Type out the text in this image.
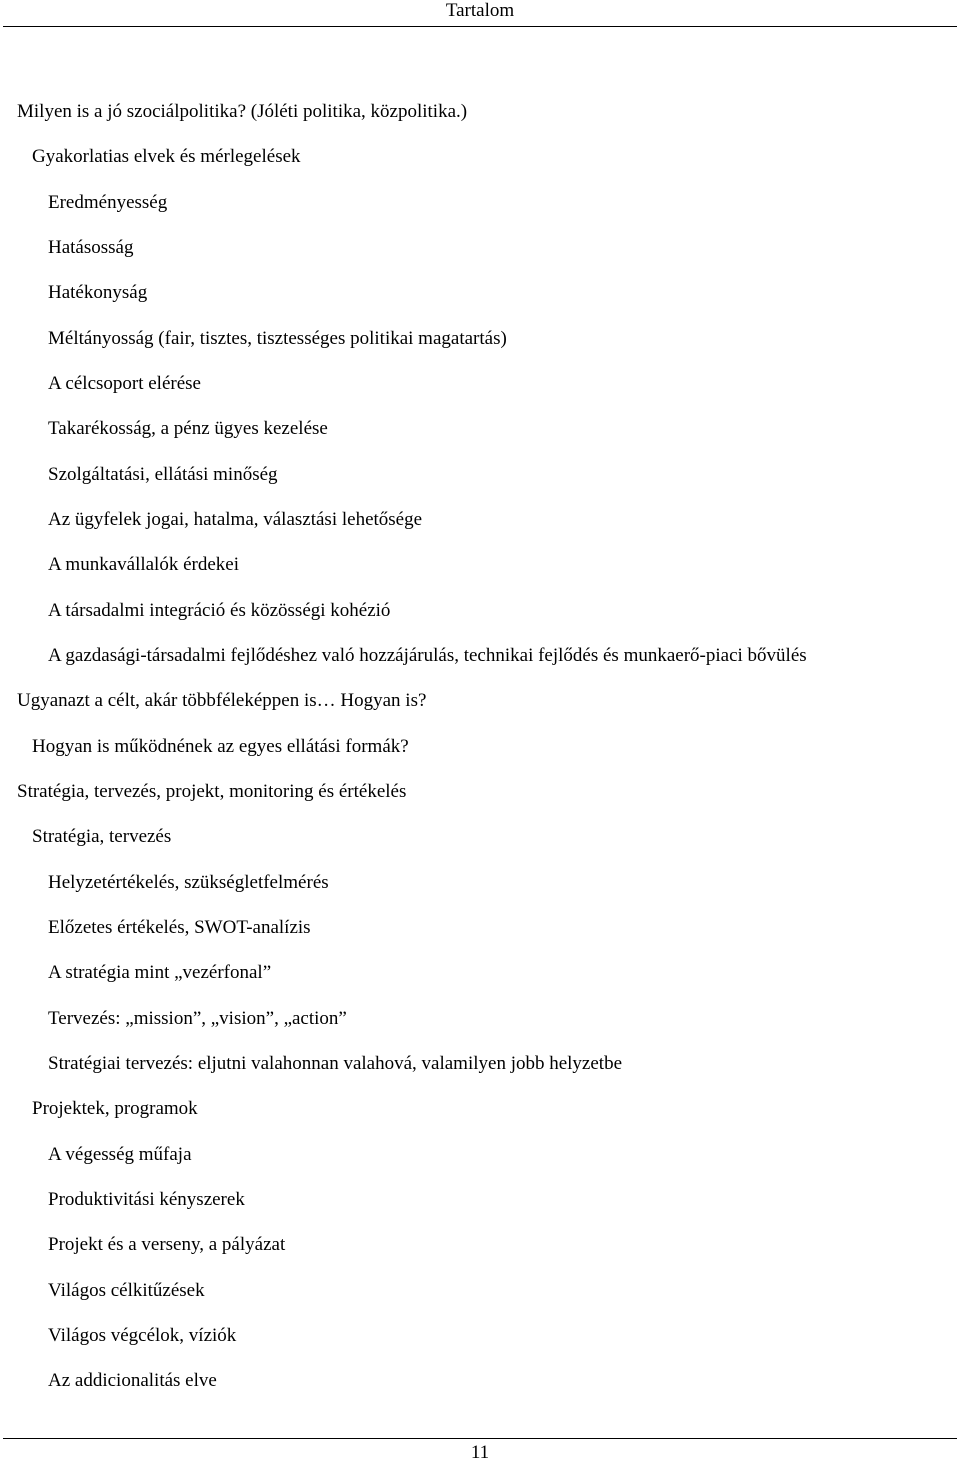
Tartalom
Milyen is a jó szociálpolitika? (Jóléti politika, közpolitika.)
Gyakorlatias elvek és mérlegelések
Eredményesség
Hatásosság
Hatékonyság
Méltányosság (fair, tisztes, tisztességes politikai magatartás)
A célcsoport elérése
Takarékosság, a pénz ügyes kezelése
Szolgáltatási, ellátási minőség
Az ügyfelek jogai, hatalma, választási lehetősége
A munkavállalók érdekei
A társadalmi integráció és közösségi kohézió
A gazdasági-társadalmi fejlődéshez való hozzájárulás, technikai fejlődés és munkaerő-piaci bővülés
Ugyanazt a célt, akár többféleképpen is… Hogyan is?
Hogyan is működnének az egyes ellátási formák?
Stratégia, tervezés, projekt, monitoring és értékelés
Stratégia, tervezés
Helyzetértékelés, szükségletfelmérés
Előzetes értékelés, SWOT-analízis
A stratégia mint „vezérfonal”
Tervezés: „mission”, „vision”, „action”
Stratégiai tervezés: eljutni valahonnan valahová, valamilyen jobb helyzetbe
Projektek, programok
A végesség műfaja
Produktivitási kényszerek
Projekt és a verseny, a pályázat
Világos célkitűzések
Világos végcélok, víziók
Az addicionalitás elve
11
